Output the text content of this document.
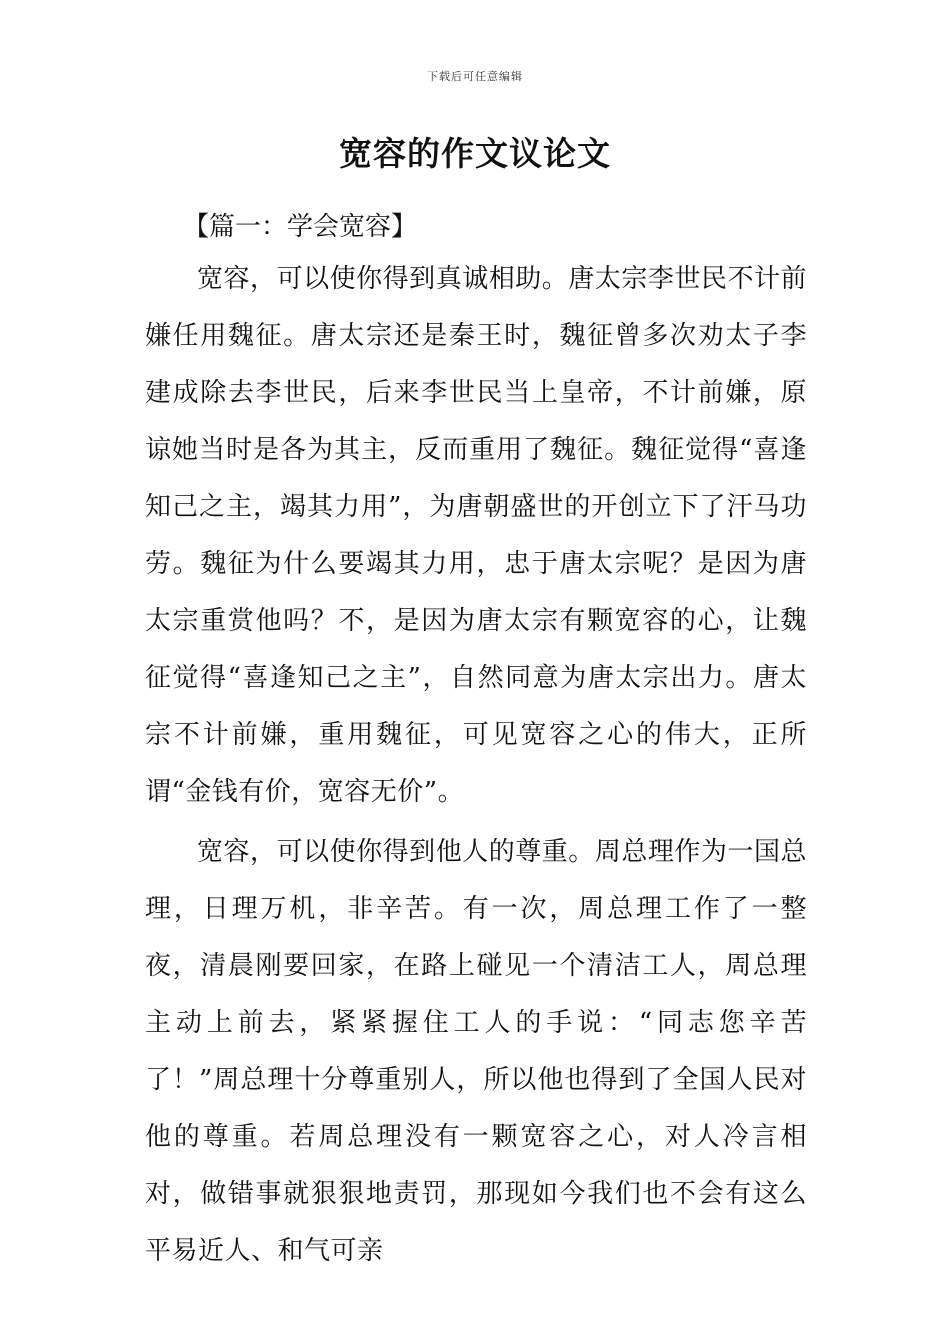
下载后可任意编辑
宽容的作文议论文
【篇一：学会宽容】

宽容，可以使你得到真诚相助。唐太宗李世民不计前嫌任用魏征。唐太宗还是秦王时，魏征曾多次劝太子李建成除去李世民，后来李世民当上皇帝，不计前嫌，原谅她当时是各为其主，反而重用了魏征。魏征觉得“喜逢知己之主，竭其力用”，为唐朝盛世的开创立下了汗马功劳。魏征为什么要竭其力用，忠于唐太宗呢？是因为唐太宗重赏他吗？不，是因为唐太宗有颗宽容的心，让魏征觉得“喜逢知己之主”，自然同意为唐太宗出力。唐太宗不计前嫌，重用魏征，可见宽容之心的伟大，正所谓“金钱有价，宽容无价”。

宽容，可以使你得到他人的尊重。周总理作为一国总理，日理万机，非辛苦。有一次，周总理工作了一整夜，清晨刚要回家，在路上碰见一个清洁工人，周总理主动上前去，紧紧握住工人的手说：“同志您辛苦了！”周总理十分尊重别人，所以他也得到了全国人民对他的尊重。若周总理没有一颗宽容之心，对人冷言相对，做错事就狠狠地责罚，那现如今我们也不会有这么平易近人、和气可亲
